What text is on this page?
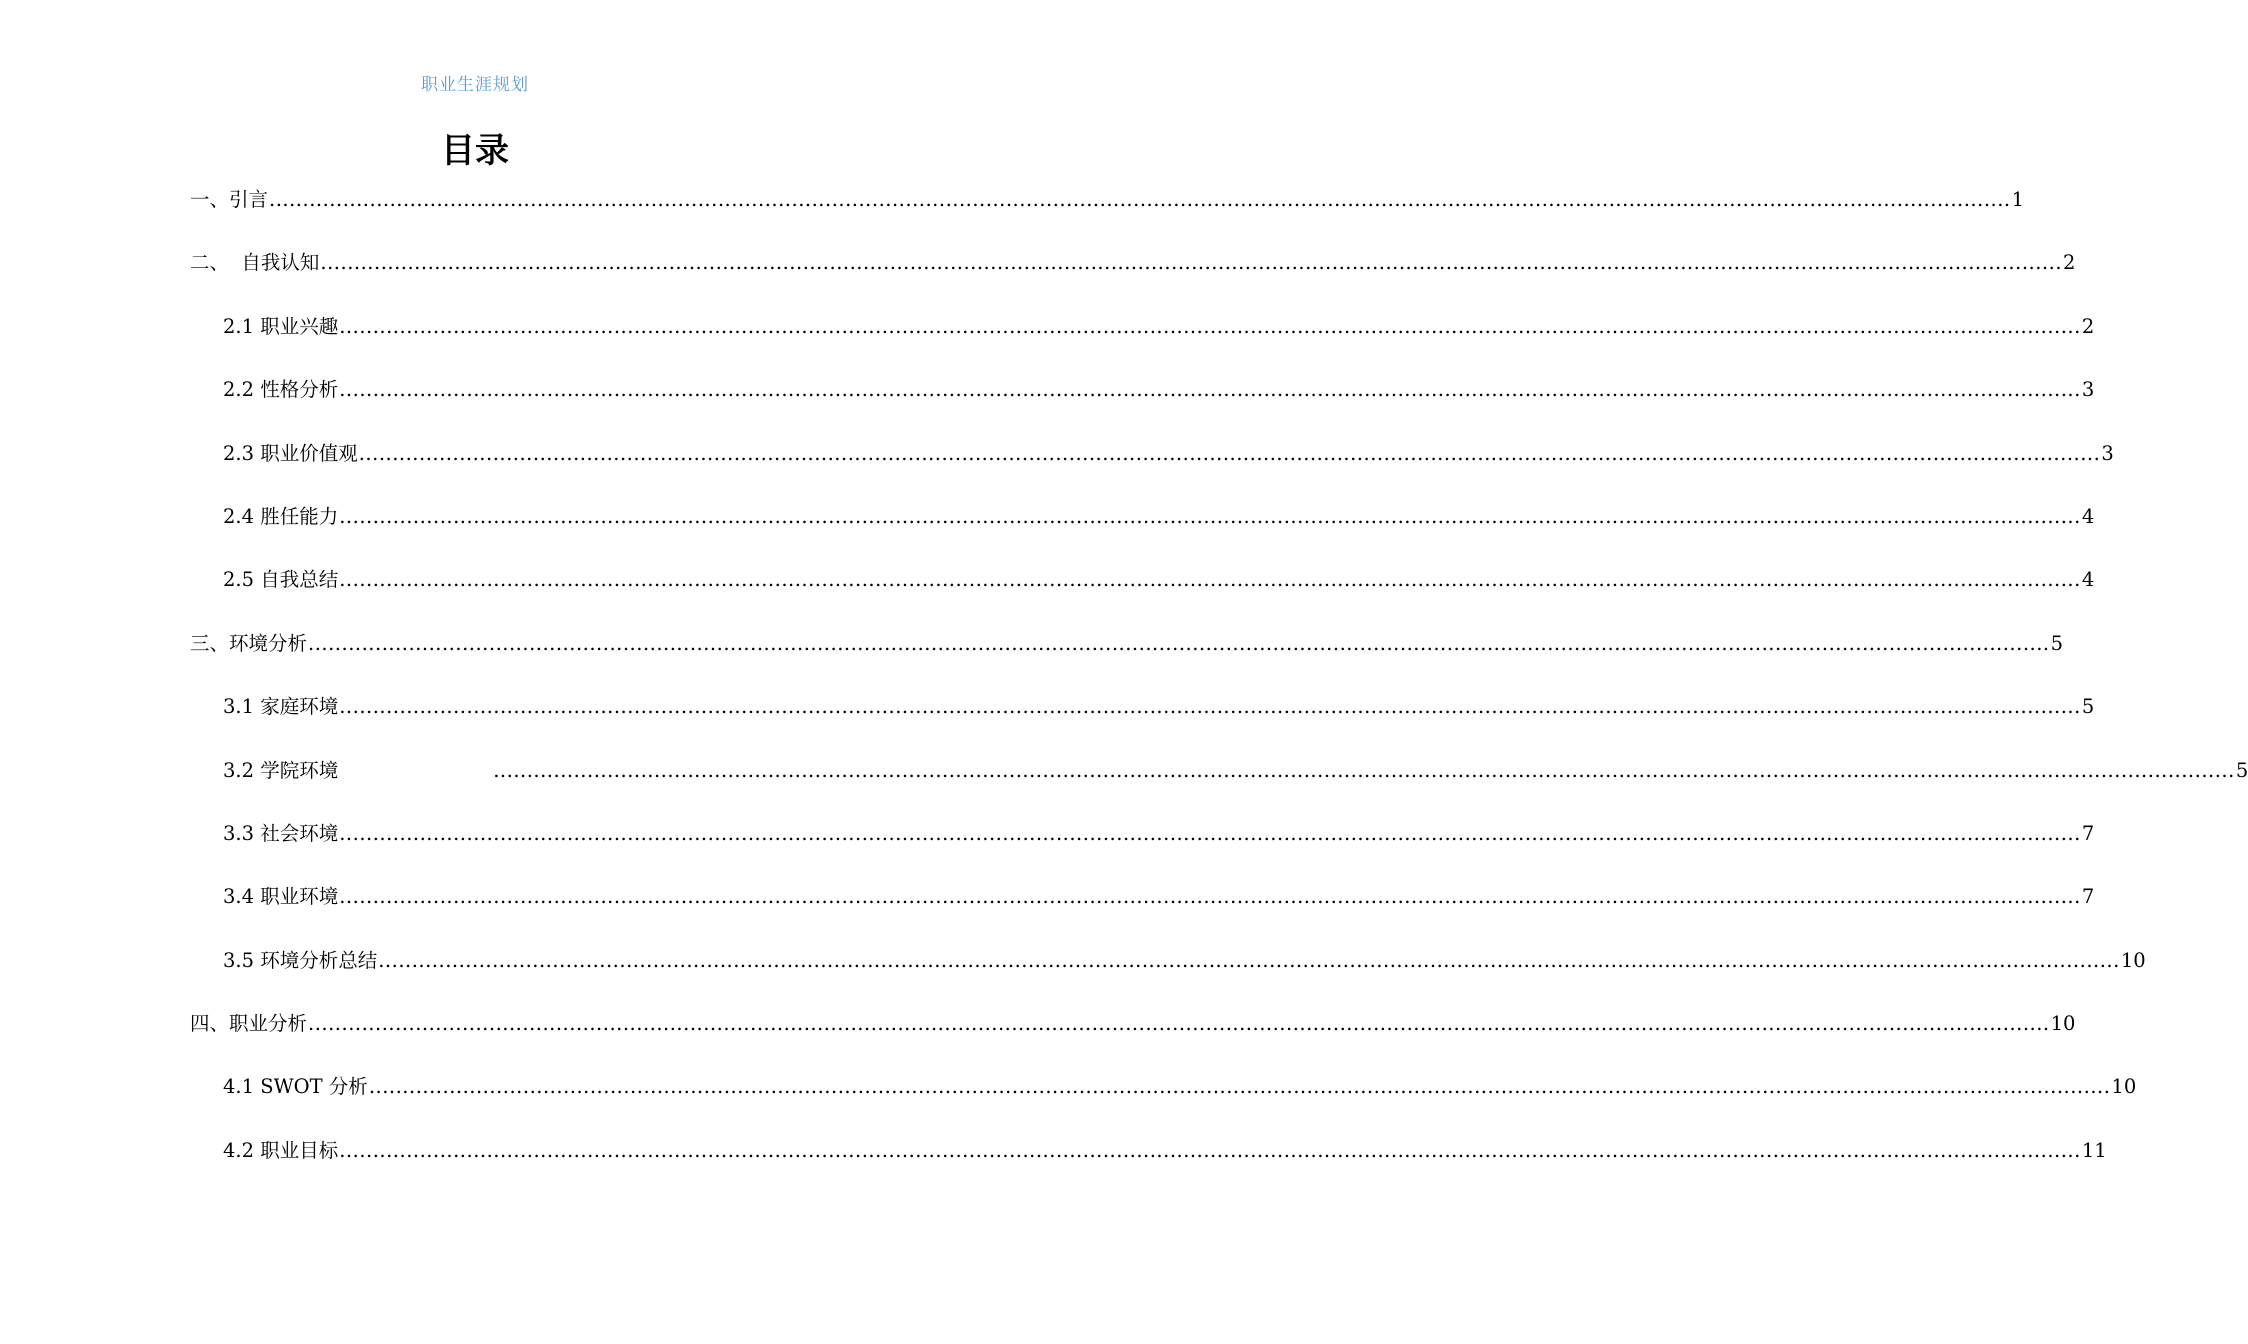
职业生涯规划
目录
一、引言 .................................................................................................................................................................................................................................................................... 1
二、  自我认知 .................................................................................................................................................................................................................................................................... 2
2.1 职业兴趣 .................................................................................................................................................................................................................................................................... 2
2.2 性格分析 .................................................................................................................................................................................................................................................................... 3
2.3 职业价值观 .................................................................................................................................................................................................................................................................... 3
2.4 胜任能力 .................................................................................................................................................................................................................................................................... 4
2.5 自我总结 .................................................................................................................................................................................................................................................................... 4
三、环境分析 .................................................................................................................................................................................................................................................................... 5
3.1 家庭环境 .................................................................................................................................................................................................................................................................... 5
3.2 学院环境	.................................................................................................................................................................................................................................................................... 5
3.3 社会环境 .................................................................................................................................................................................................................................................................... 7
3.4 职业环境 .................................................................................................................................................................................................................................................................... 7
3.5 环境分析总结 .................................................................................................................................................................................................................................................................... 10
四、职业分析 .................................................................................................................................................................................................................................................................... 10
4.1 SWOT 分析 .................................................................................................................................................................................................................................................................... 10
4.2 职业目标 .................................................................................................................................................................................................................................................................... 11
